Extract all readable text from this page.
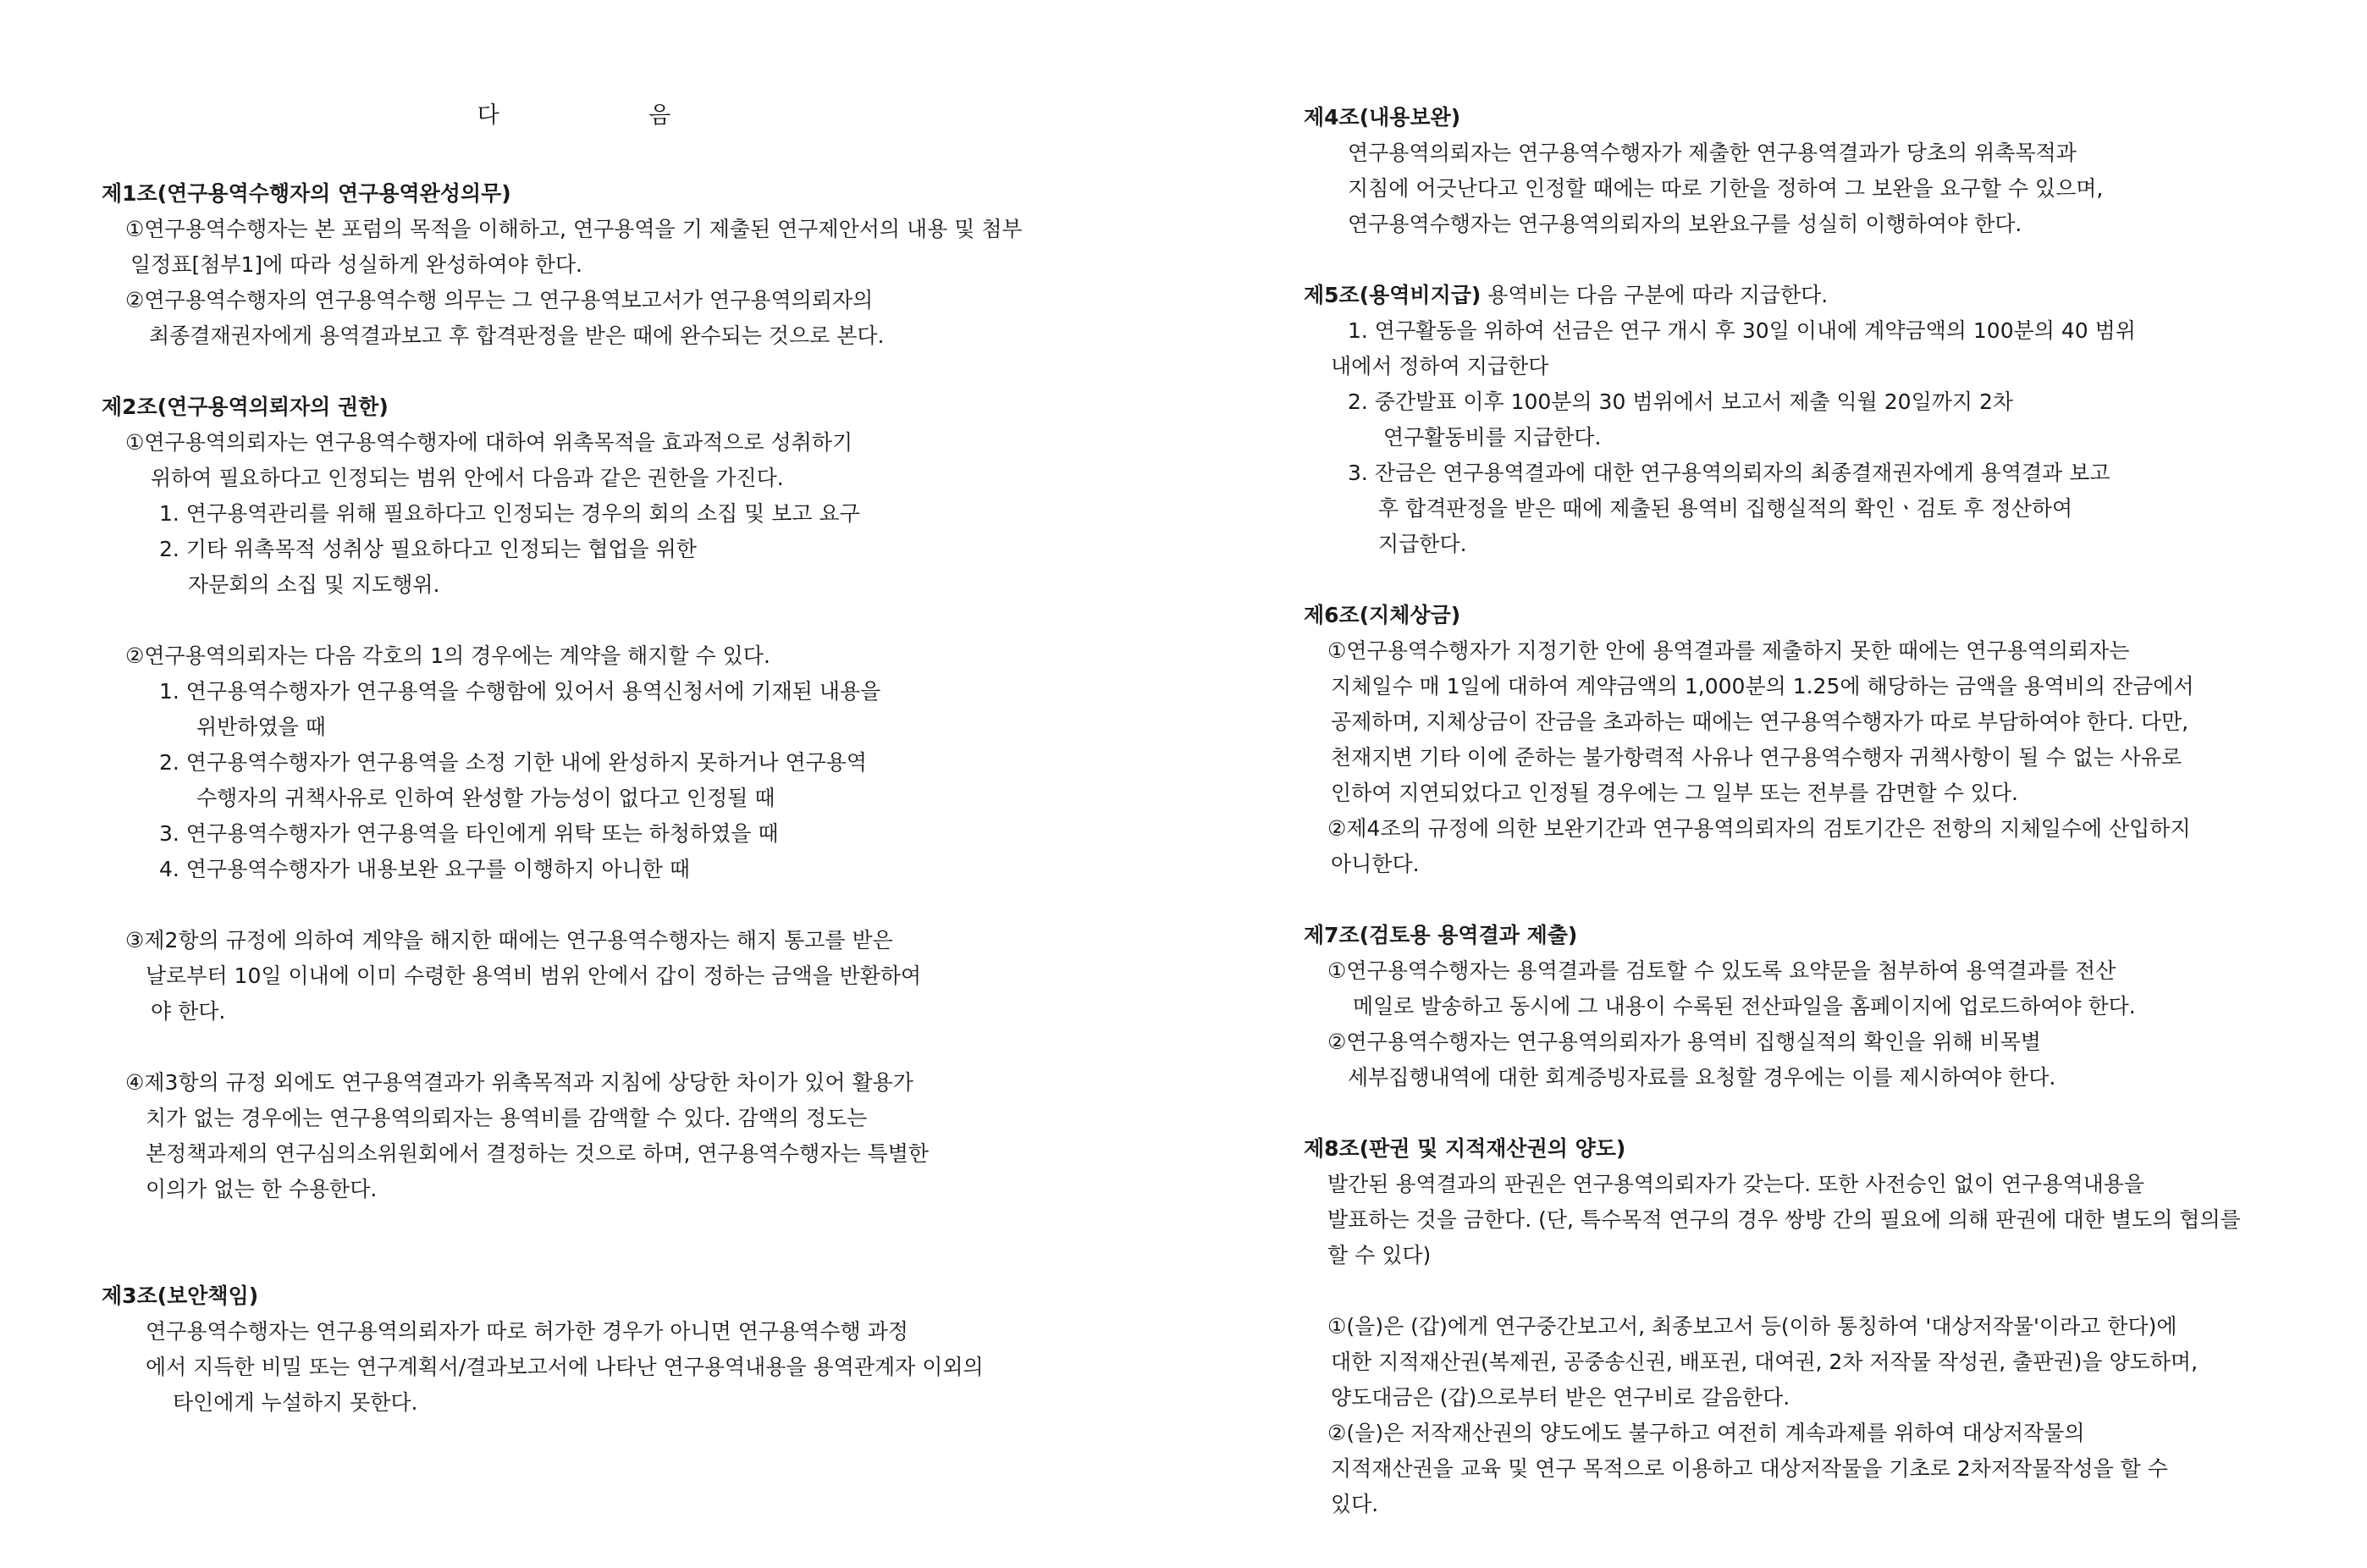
다 음
제1조(연구용역수행자의 연구용역완성의무)
①연구용역수행자는 본 포럼의 목적을 이해하고, 연구용역을 기 제출된 연구제안서의 내용 및 첨부
일정표[첨부1]에 따라 성실하게 완성하여야 한다.
②연구용역수행자의 연구용역수행 의무는 그 연구용역보고서가 연구용역의뢰자의
최종결재권자에게 용역결과보고 후 합격판정을 받은 때에 완수되는 것으로 본다.
제2조(연구용역의뢰자의 권한)
①연구용역의뢰자는 연구용역수행자에 대하여 위촉목적을 효과적으로 성취하기
위하여 필요하다고 인정되는 범위 안에서 다음과 같은 권한을 가진다.
1. 연구용역관리를 위해 필요하다고 인정되는 경우의 회의 소집 및 보고 요구
2. 기타 위촉목적 성취상 필요하다고 인정되는 협업을 위한
자문회의 소집 및 지도행위.
②연구용역의뢰자는 다음 각호의 1의 경우에는 계약을 해지할 수 있다.
1. 연구용역수행자가 연구용역을 수행함에 있어서 용역신청서에 기재된 내용을
위반하였을 때
2. 연구용역수행자가 연구용역을 소정 기한 내에 완성하지 못하거나 연구용역
수행자의 귀책사유로 인하여 완성할 가능성이 없다고 인정될 때
3. 연구용역수행자가 연구용역을 타인에게 위탁 또는 하청하였을 때
4. 연구용역수행자가 내용보완 요구를 이행하지 아니한 때
③제2항의 규정에 의하여 계약을 해지한 때에는 연구용역수행자는 해지 통고를 받은
날로부터 10일 이내에 이미 수령한 용역비 범위 안에서 갑이 정하는 금액을 반환하여
야 한다.
④제3항의 규정 외에도 연구용역결과가 위촉목적과 지침에 상당한 차이가 있어 활용가
치가 없는 경우에는 연구용역의뢰자는 용역비를 감액할 수 있다. 감액의 정도는
본정책과제의 연구심의소위원회에서 결정하는 것으로 하며, 연구용역수행자는 특별한
이의가 없는 한 수용한다.
제3조(보안책임)
연구용역수행자는 연구용역의뢰자가 따로 허가한 경우가 아니면 연구용역수행 과정
에서 지득한 비밀 또는 연구계획서/결과보고서에 나타난 연구용역내용을 용역관계자 이외의
타인에게 누설하지 못한다.
제4조(내용보완)
연구용역의뢰자는 연구용역수행자가 제출한 연구용역결과가 당초의 위촉목적과
지침에 어긋난다고 인정할 때에는 따로 기한을 정하여 그 보완을 요구할 수 있으며,
연구용역수행자는 연구용역의뢰자의 보완요구를 성실히 이행하여야 한다.
제5조(용역비지급) 용역비는 다음 구분에 따라 지급한다.
1. 연구활동을 위하여 선금은 연구 개시 후 30일 이내에 계약금액의 100분의 40 범위
내에서 정하여 지급한다
2. 중간발표 이후 100분의 30 범위에서 보고서 제출 익월 20일까지 2차
연구활동비를 지급한다.
3. 잔금은 연구용역결과에 대한 연구용역의뢰자의 최종결재권자에게 용역결과 보고
후 합격판정을 받은 때에 제출된 용역비 집행실적의 확인ㆍ검토 후 정산하여
지급한다.
제6조(지체상금)
①연구용역수행자가 지정기한 안에 용역결과를 제출하지 못한 때에는 연구용역의뢰자는
지체일수 매 1일에 대하여 계약금액의 1,000분의 1.25에 해당하는 금액을 용역비의 잔금에서
공제하며, 지체상금이 잔금을 초과하는 때에는 연구용역수행자가 따로 부담하여야 한다. 다만,
천재지변 기타 이에 준하는 불가항력적 사유나 연구용역수행자 귀책사항이 될 수 없는 사유로
인하여 지연되었다고 인정될 경우에는 그 일부 또는 전부를 감면할 수 있다.
②제4조의 규정에 의한 보완기간과 연구용역의뢰자의 검토기간은 전항의 지체일수에 산입하지
아니한다.
제7조(검토용 용역결과 제출)
①연구용역수행자는 용역결과를 검토할 수 있도록 요약문을 첨부하여 용역결과를 전산
메일로 발송하고 동시에 그 내용이 수록된 전산파일을 홈페이지에 업로드하여야 한다.
②연구용역수행자는 연구용역의뢰자가 용역비 집행실적의 확인을 위해 비목별
세부집행내역에 대한 회계증빙자료를 요청할 경우에는 이를 제시하여야 한다.
제8조(판권 및 지적재산권의 양도)
발간된 용역결과의 판권은 연구용역의뢰자가 갖는다. 또한 사전승인 없이 연구용역내용을
발표하는 것을 금한다. (단, 특수목적 연구의 경우 쌍방 간의 필요에 의해 판권에 대한 별도의 협의를
할 수 있다)
①(을)은 (갑)에게 연구중간보고서, 최종보고서 등(이하 통칭하여 '대상저작물'이라고 한다)에
대한 지적재산권(복제권, 공중송신권, 배포권, 대여권, 2차 저작물 작성권, 출판권)을 양도하며,
양도대금은 (갑)으로부터 받은 연구비로 갈음한다.
②(을)은 저작재산권의 양도에도 불구하고 여전히 계속과제를 위하여 대상저작물의
지적재산권을 교육 및 연구 목적으로 이용하고 대상저작물을 기초로 2차저작물작성을 할 수
있다.
